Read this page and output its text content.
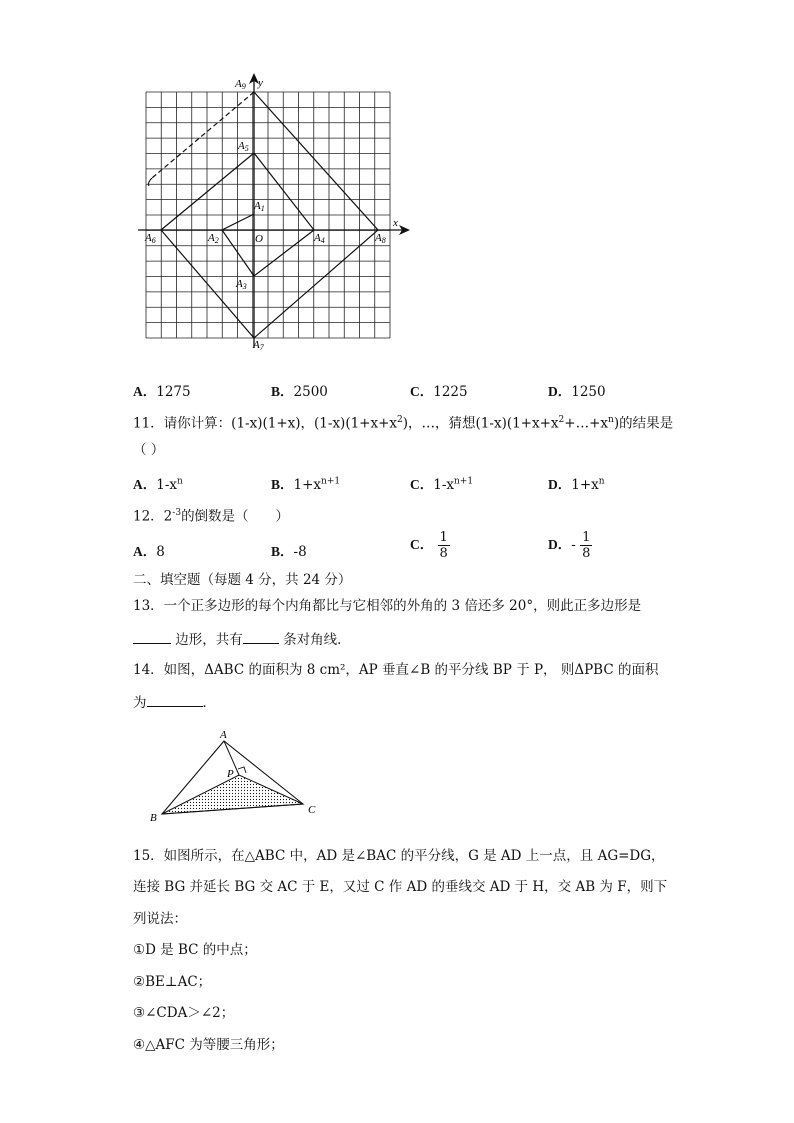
y
x
O
A9
A5
A1
A6	A2	A4	A8
A3
A7
A．1275	B．2500	C．1225	D．1250
11．请你计算：(1-x)(1+x)，$(1-x)(1+x+x^2)$，…，猜想$(1-x)(1+x+x^2+\dots+x^n)$的结果是
（ ）
A．$1-x^n$	B．$1+x^{n+1}$	C．$1-x^{n+1}$	D．$1+x^n$
12．$2^{-3}$的倒数是（　　）
A．8	B．-8	C． $\frac{1}{8}$	D．- $\frac{1}{8}$
二、填空题（每题 4 分，共 24 分）
13．一个正多边形的每个内角都比与它相邻的外角的 3 倍还多 20°，则此正多边形是
边形，共有	条对角线．
14．如图，ΔABC 的面积为 8 cm²，AP 垂直∠B 的平分线 BP 于 P， 则ΔPBC 的面积
为	．
A
P
B
C
15．如图所示，在△ABC 中，AD 是∠BAC 的平分线，G 是 AD 上一点，且 AG=DG，
连接 BG 并延长 BG 交 AC 于 E，又过 C 作 AD 的垂线交 AD 于 H，交 AB 为 F，则下
列说法：
①D 是 BC 的中点；
②BE⊥AC；
③∠CDA＞∠2；
④△AFC 为等腰三角形；
